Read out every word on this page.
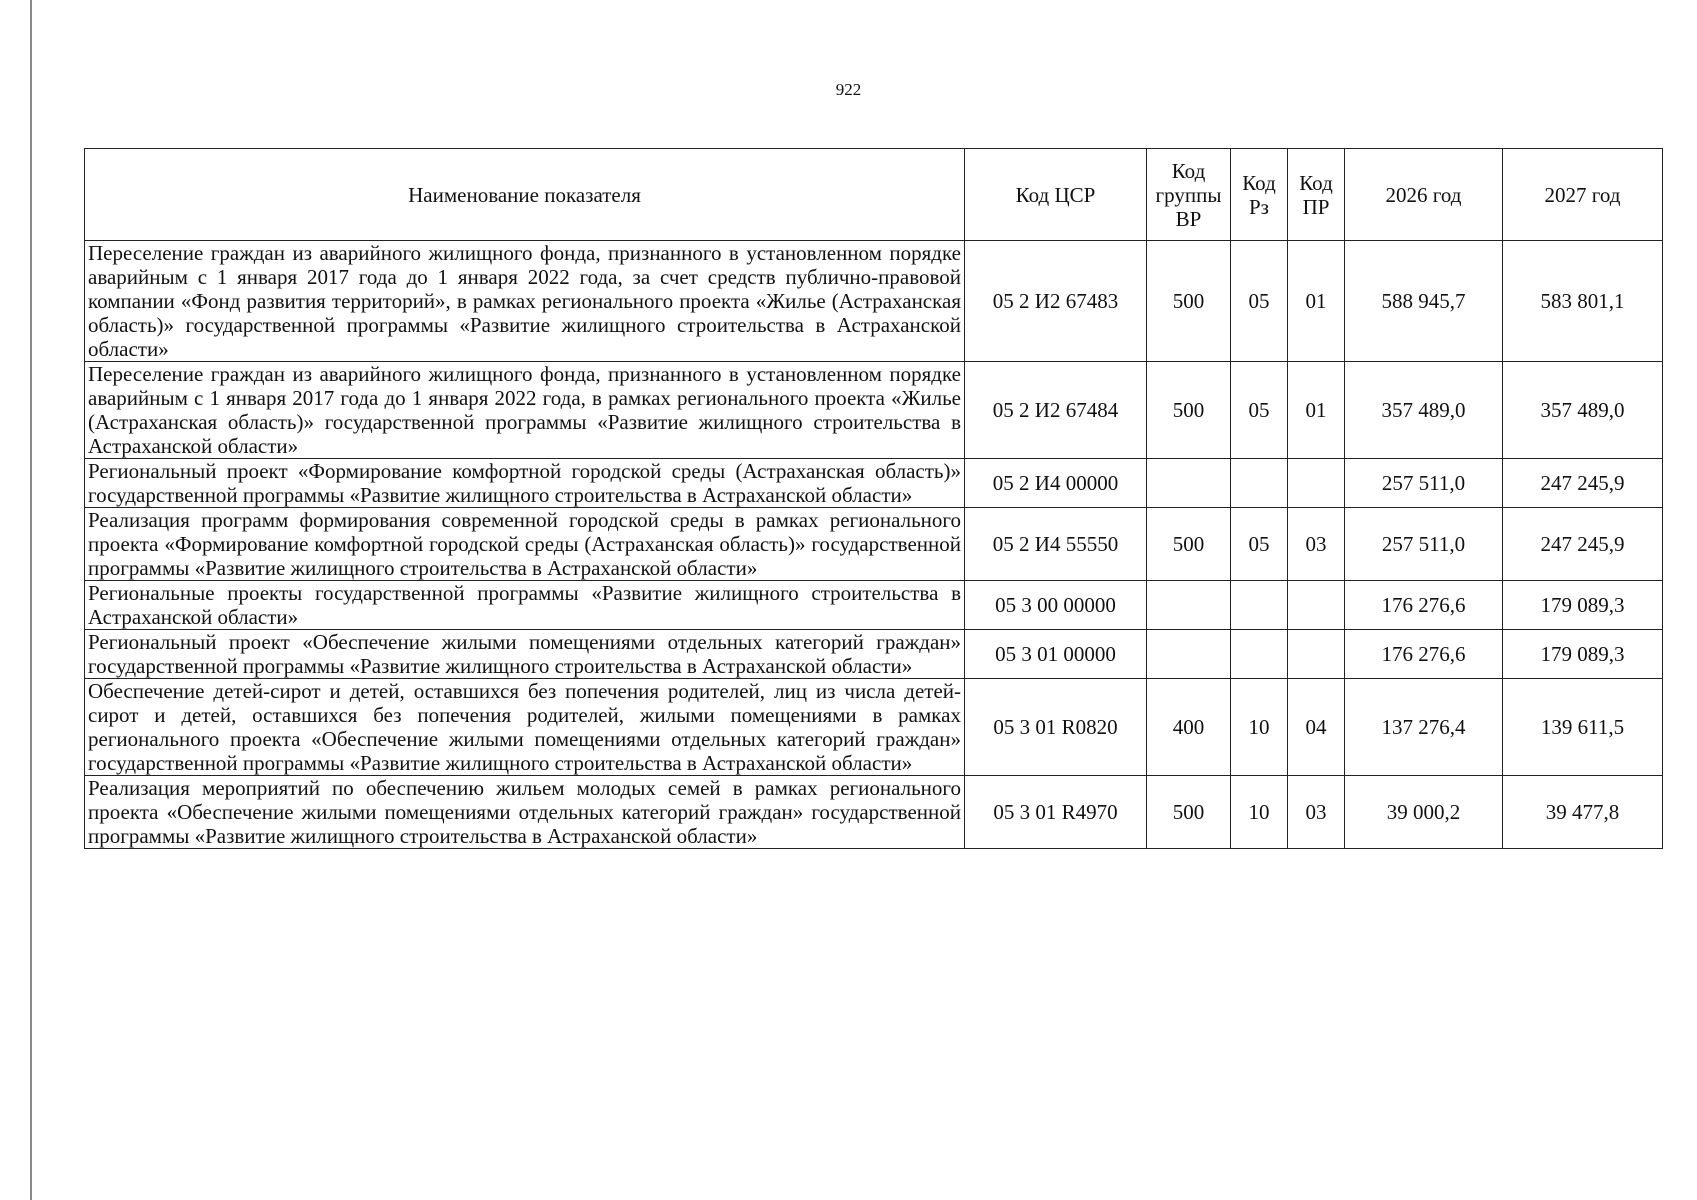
922
Наименование показателя	Код ЦСР	Код группы ВР	Код Рз	Код ПР	2026 год	2027 год
Переселение граждан из аварийного жилищного фонда, признанного в установленном порядке аварийным с 1 января 2017 года до 1 января 2022 года, за счет средств публично-правовой компании «Фонд развития территорий», в рамках регионального проекта «Жилье (Астраханская область)» государственной программы «Развитие жилищного строительства в Астраханской области»	05 2 И2 67483	500	05	01	588 945,7	583 801,1
Переселение граждан из аварийного жилищного фонда, признанного в установленном порядке аварийным с 1 января 2017 года до 1 января 2022 года, в рамках регионального проекта «Жилье (Астраханская область)» государственной программы «Развитие жилищного строительства в Астраханской области»	05 2 И2 67484	500	05	01	357 489,0	357 489,0
Региональный проект «Формирование комфортной городской среды (Астраханская область)» государственной программы «Развитие жилищного строительства в Астраханской области»	05 2 И4 00000				257 511,0	247 245,9
Реализация программ формирования современной городской среды в рамках регионального проекта «Формирование комфортной городской среды (Астраханская область)» государственной программы «Развитие жилищного строительства в Астраханской области»	05 2 И4 55550	500	05	03	257 511,0	247 245,9
Региональные проекты государственной программы «Развитие жилищного строительства в Астраханской области»	05 3 00 00000				176 276,6	179 089,3
Региональный проект «Обеспечение жилыми помещениями отдельных категорий граждан» государственной программы «Развитие жилищного строительства в Астраханской области»	05 3 01 00000				176 276,6	179 089,3
Обеспечение детей-сирот и детей, оставшихся без попечения родителей, лиц из числа детей-сирот и детей, оставшихся без попечения родителей, жилыми помещениями в рамках регионального проекта «Обеспечение жилыми помещениями отдельных категорий граждан» государственной программы «Развитие жилищного строительства в Астраханской области»	05 3 01 R0820	400	10	04	137 276,4	139 611,5
Реализация мероприятий по обеспечению жильем молодых семей в рамках регионального проекта «Обеспечение жилыми помещениями отдельных категорий граждан» государственной программы «Развитие жилищного строительства в Астраханской области»	05 3 01 R4970	500	10	03	39 000,2	39 477,8
